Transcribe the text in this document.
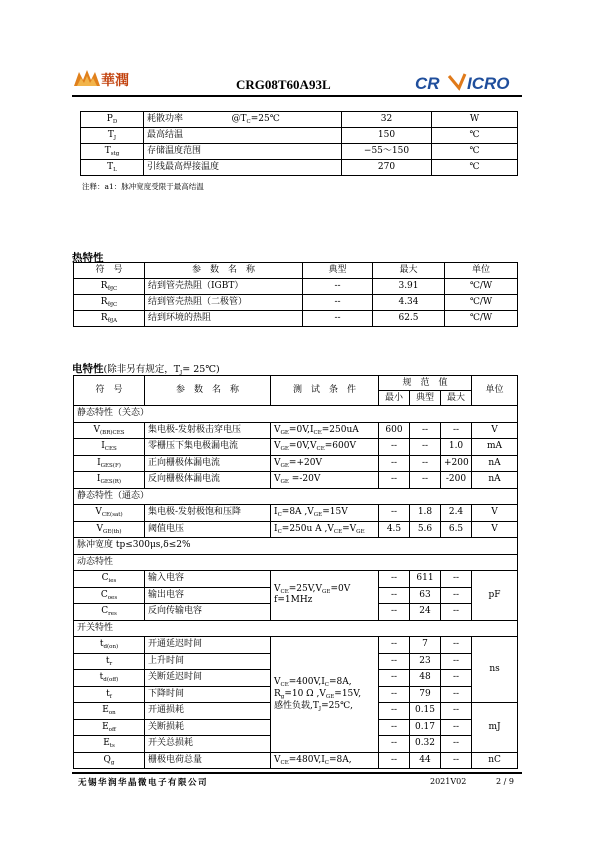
華潤	CRG08T60A93L	CR ICRO
$P_D$	耗散功率	$@T_C=25℃$	32	W
$T_J$	最高结温		150	℃
$T_{stg}$	存储温度范围		−55～150	℃
$T_L$	引线最高焊接温度		270	℃
注释：a1：脉冲宽度受限于最高结温
热特性
符　号	参　数　名　称	典型	最大	单位
$R_{\theta JC}$	结到管壳热阻（IGBT）	--	3.91	℃/W
$R_{\theta JC}$	结到管壳热阻（二极管）	--	4.34	℃/W
$R_{\theta JA}$	结到环境的热阻	--	62.5	℃/W
电特性(除非另有规定，$T_J=$ 25℃)
符　号	参　数　名　称	测　试　条　件	规　范　值			单位
			最小	典型	最大	
静态特性（关态）						
$V_{(BR)CES}$	集电极-发射极击穿电压	$V_{GE}=0V,I_{CE}=250uA$	600	--	--	V
$I_{CES}$	零栅压下集电极漏电流	$V_{GE}=0V,V_{CE}=600V$	--	--	1.0	mA
$I_{GES(F)}$	正向栅极体漏电流	$V_{GE}=+20V$	--	--	+200	nA
$I_{GES(R)}$	反向栅极体漏电流	$V_{GE} =-20V$	--	--	-200	nA
静态特性（通态）						
$V_{CE(sat)}$	集电极-发射极饱和压降	$I_C=8A$ $,V_{GE}=15V$	--	1.8	2.4	V
$V_{GE(th)}$	阈值电压	$I_C=250u$ A $,V_{CE}=V_{GE}$	4.5	5.6	6.5	V
脉冲宽度 tp≤300μs,δ≤2%						
动态特性						
$C_{ies}$	输入电容	$V_{CE}=25V,V_{GE}=0V$
f=1MHz	--	611	--	pF
$C_{oes}$	输出电容		--	63	--	
$C_{res}$	反向传输电容		--	24	--	
开关特性						
$t_{d(on)}$	开通延迟时间	$V_{CE}=400V,I_C=8A$,
$R_g=10$ Ω $,V_{GE}=15V$,
感性负载$,T_J=25℃$,	--	7	--	ns
$t_r$	上升时间		--	23	--	
$t_{d(off)}$	关断延迟时间		--	48	--	
$t_f$	下降时间		--	79	--	
$E_{on}$	开通损耗		--	0.15	--	mJ
$E_{off}$	关断损耗		--	0.17	--	
$E_{ts}$	开关总损耗		--	0.32	--	
$Q_g$	栅极电荷总量	$V_{CE}=480V,I_C=8A$,	--	44	--	nC
无锡华润华晶微电子有限公司	2021V02	2 / 9
